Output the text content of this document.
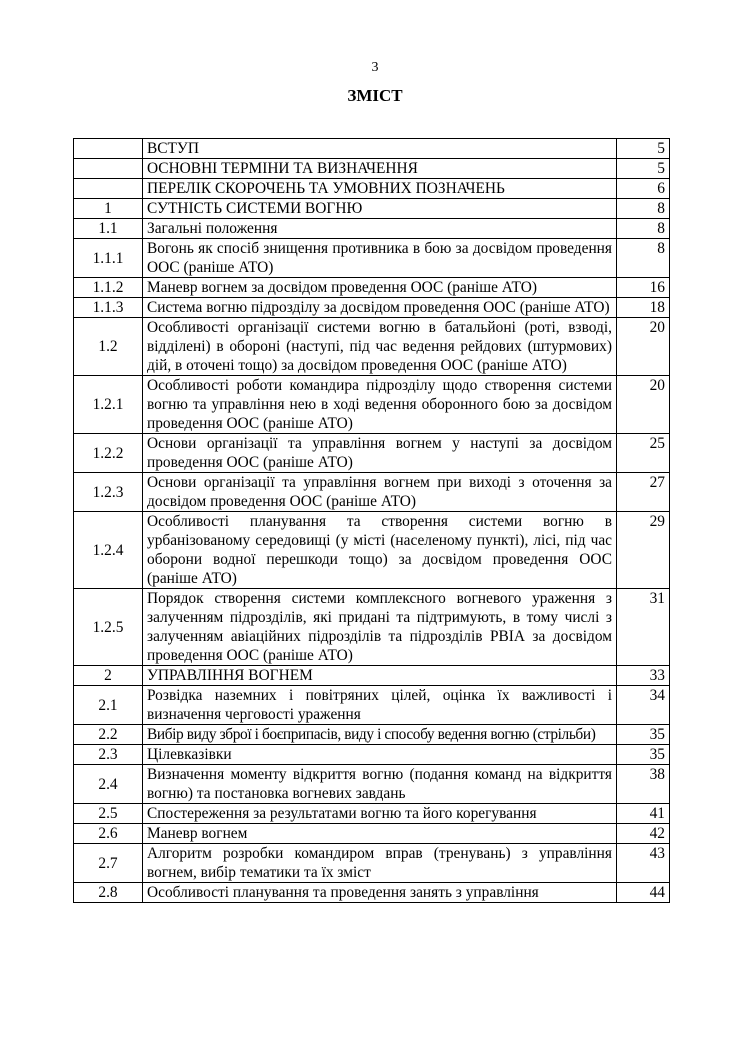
3
ЗМІСТ
	ВСТУП	5

	ОСНОВНІ ТЕРМІНИ ТА ВИЗНАЧЕННЯ	5

	ПЕРЕЛІК СКОРОЧЕНЬ ТА УМОВНИХ ПОЗНАЧЕНЬ	6

1	СУТНІСТЬ СИСТЕМИ ВОГНЮ	8

1.1	Загальні положення	8

1.1.1	Вогонь як спосіб знищення противника в бою за досвідом проведення ООС (раніше АТО)	8

1.1.2	Маневр вогнем за досвідом проведення ООС (раніше АТО)	16

1.1.3	Система вогню підрозділу за досвідом проведення ООС (раніше АТО)	18

1.2	Особливості організації системи вогню в батальйоні (роті, взводі, відділені) в обороні (наступі, під час ведення рейдових (штурмових) дій, в оточені тощо) за досвідом проведення ООС (раніше АТО)	20

1.2.1	Особливості роботи командира підрозділу щодо створення системи вогню та управління нею в ході ведення оборонного бою за досвідом проведення ООС (раніше АТО)	20

1.2.2	Основи організації та управління вогнем у наступі за досвідом проведення ООС (раніше АТО)	25

1.2.3	Основи організації та управління вогнем при виході з оточення за досвідом проведення ООС (раніше АТО)	27

1.2.4	Особливості планування та створення системи вогню в урбанізованому середовищі (у місті (населеному пункті), лісі, під час оборони водної перешкоди тощо) за досвідом проведення ООС (раніше АТО)	29

1.2.5	Порядок створення системи комплексного вогневого ураження з залученням підрозділів, які придані та підтримують, в тому числі з залученням авіаційних підрозділів та підрозділів РВІА за досвідом проведення ООС (раніше АТО)	31

2	УПРАВЛІННЯ ВОГНЕМ	33

2.1	Розвідка наземних і повітряних цілей, оцінка їх важливості і визначення черговості ураження	34

2.2	Вибір виду зброї і боєприпасів, виду і способу ведення вогню (стрільби)	35

2.3	Цілевказівки	35

2.4	Визначення моменту відкриття вогню (подання команд на відкриття вогню) та постановка вогневих завдань	38

2.5	Спостереження за результатами вогню та його корегування	41

2.6	Маневр вогнем	42

2.7	Алгоритм розробки командиром вправ (тренувань) з управління вогнем, вибір тематики та їх зміст	43

2.8	Особливості планування та проведення занять з управління	44
